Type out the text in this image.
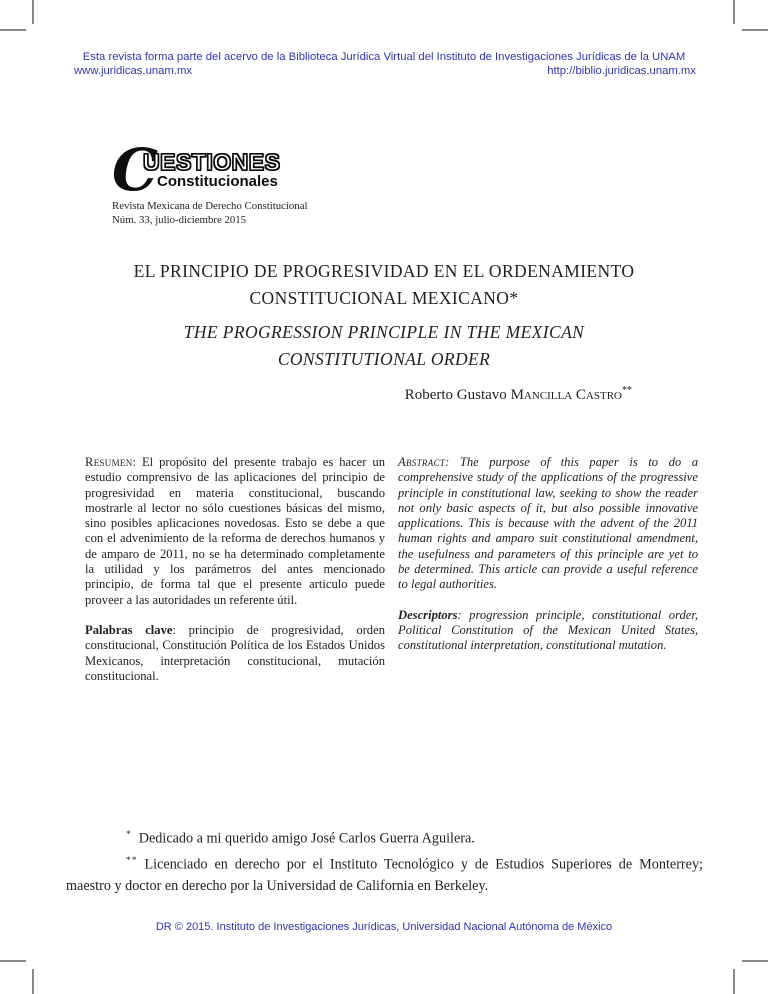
Esta revista forma parte del acervo de la Biblioteca Jurídica Virtual del Instituto de Investigaciones Jurídicas de la UNAM
www.juridicas.unam.mx	http://biblio.juridicas.unam.mx
C
UESTIONES
Constitucionales
Revista Mexicana de Derecho Constitucional
Núm. 33, julio-diciembre 2015
EL PRINCIPIO DE PROGRESIVIDAD EN EL ORDENAMIENTO
CONSTITUCIONAL MEXICANO*
THE PROGRESSION PRINCIPLE IN THE MEXICAN
CONSTITUTIONAL ORDER
Roberto Gustavo Mancilla Castro**

Resumen: El propósito del presente trabajo es hacer un estudio comprensivo de las aplicaciones del principio de progresividad en materia constitucional, buscando mostrarle al lector no sólo cuestiones básicas del mismo, sino posibles aplicaciones novedosas. Esto se debe a que con el advenimiento de la reforma de derechos humanos y de amparo de 2011, no se ha determinado completamente la utilidad y los parámetros del antes mencionado principio, de forma tal que el presente articulo puede proveer a las autoridades un referente útil.

Palabras clave: principio de progresividad, orden constitucional, Constitución Política de los Estados Unidos Mexicanos, interpretación constitucional, mutación constitucional.

Abstract: The purpose of this paper is to do a comprehensive study of the applications of the progressive principle in constitutional law, seeking to show the reader not only basic aspects of it, but also possible innovative applications. This is because with the advent of the 2011 human rights and amparo suit constitutional amendment, the usefulness and parameters of this principle are yet to be determined. This article can provide a useful reference to legal authorities.

Descriptors: progression principle, constitutional order, Political Constitution of the Mexican United States, constitutional interpretation, constitutional mutation.

* Dedicado a mi querido amigo José Carlos Guerra Aguilera.

** Licenciado en derecho por el Instituto Tecnológico y de Estudios Superiores de Monterrey; maestro y doctor en derecho por la Universidad de California en Berkeley.

DR © 2015. Instituto de Investigaciones Jurídicas, Universidad Nacional Autónoma de México
